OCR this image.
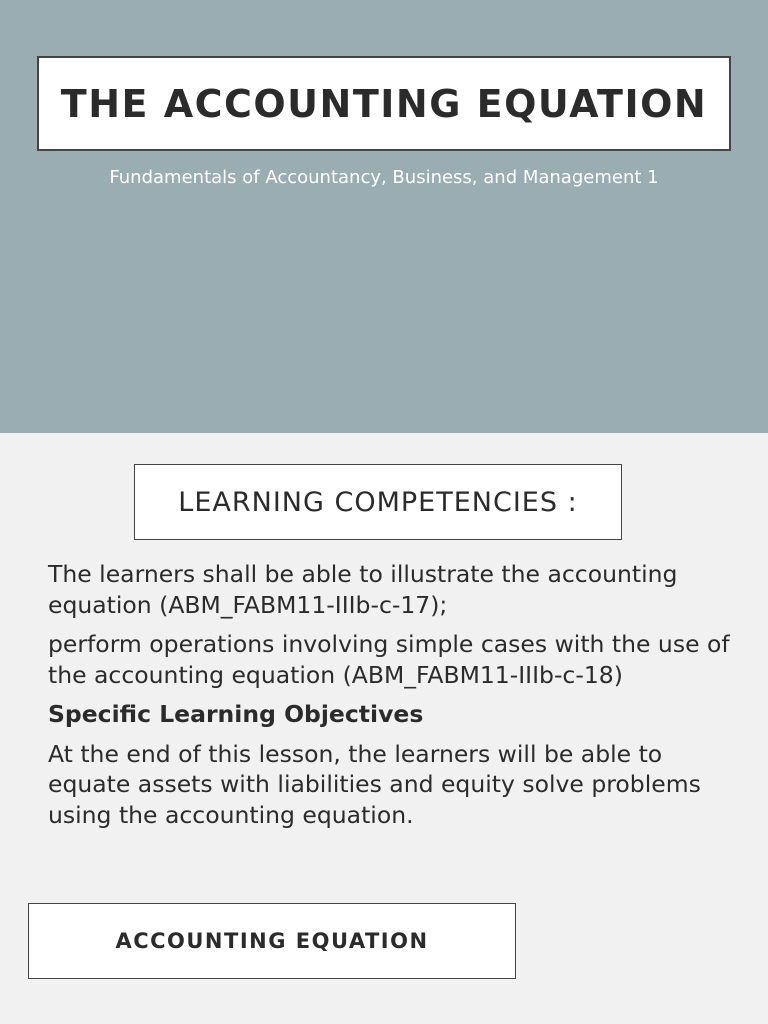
THE ACCOUNTING EQUATION
Fundamentals of Accountancy, Business, and Management 1
LEARNING COMPETENCIES :

The learners shall be able to illustrate the accounting equation (ABM_FABM11-IIIb-c-17);

perform operations involving simple cases with the use of the accounting equation (ABM_FABM11-IIIb-c-18)

Specific Learning Objectives

At the end of this lesson, the learners will be able to equate assets with liabilities and equity solve problems using the accounting equation.

ACCOUNTING EQUATION
